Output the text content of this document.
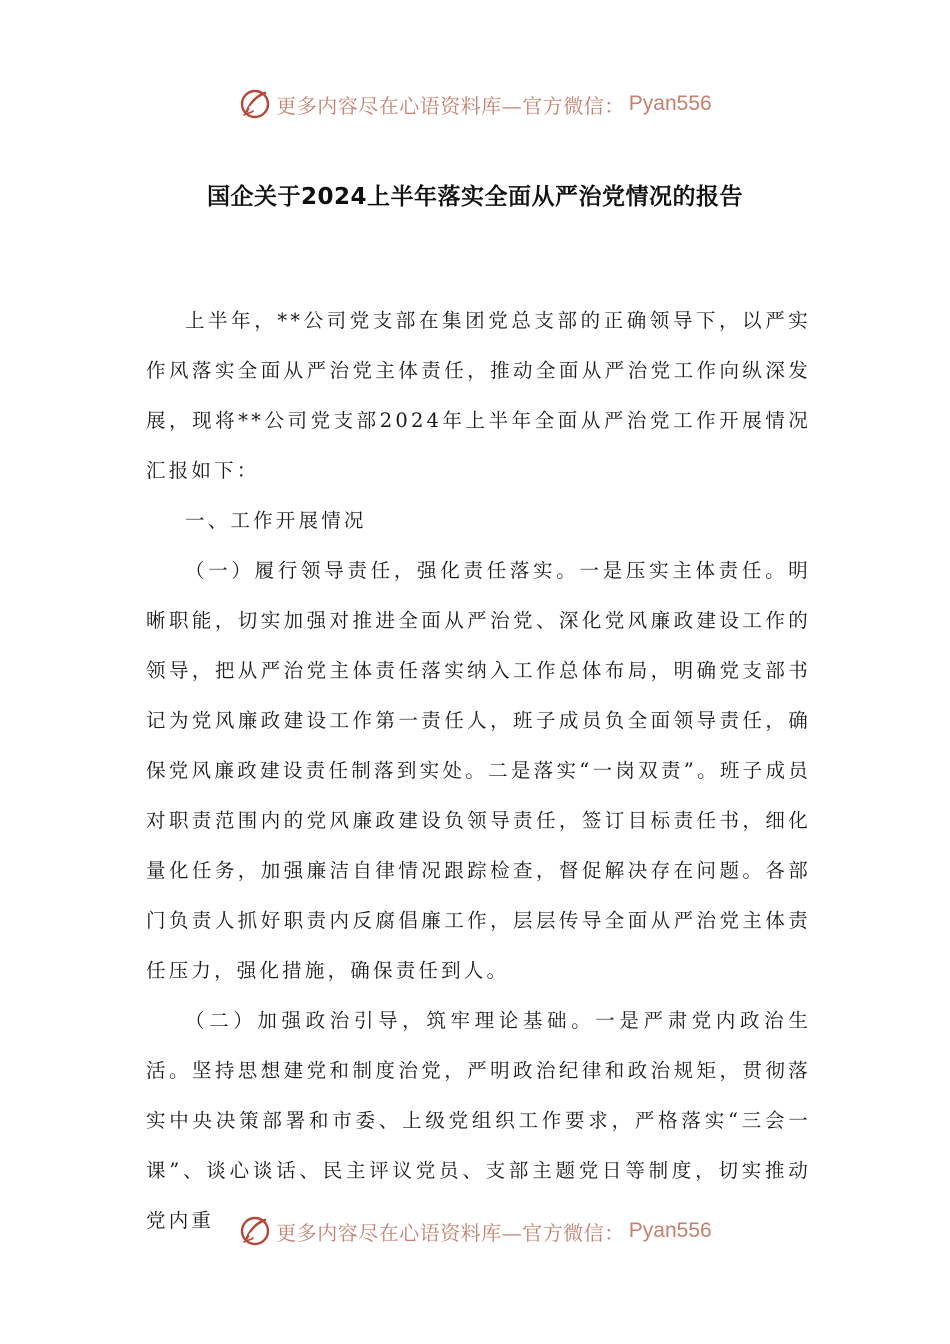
更多内容尽在心语资料库—官方微信： Pyan556
国企关于2024上半年落实全面从严治党情况的报告

上半年，**公司党支部在集团党总支部的正确领导下，以严实作风落实全面从严治党主体责任，推动全面从严治党工作向纵深发展，现将**公司党支部2024年上半年全面从严治党工作开展情况汇报如下：

一、工作开展情况

（一）履行领导责任，强化责任落实。一是压实主体责任。明晰职能，切实加强对推进全面从严治党、深化党风廉政建设工作的领导，把从严治党主体责任落实纳入工作总体布局，明确党支部书记为党风廉政建设工作第一责任人，班子成员负全面领导责任，确保党风廉政建设责任制落到实处。二是落实“一岗双责”。班子成员对职责范围内的党风廉政建设负领导责任，签订目标责任书，细化量化任务，加强廉洁自律情况跟踪检查，督促解决存在问题。各部门负责人抓好职责内反腐倡廉工作，层层传导全面从严治党主体责任压力，强化措施，确保责任到人。

（二）加强政治引导，筑牢理论基础。一是严肃党内政治生活。坚持思想建党和制度治党，严明政治纪律和政治规矩，贯彻落实中央决策部署和市委、上级党组织工作要求，严格落实“三会一课”、谈心谈话、民主评议党员、支部主题党日等制度，切实推动党内重	更多内容尽在心语资料库—官方微信： Pyan556
